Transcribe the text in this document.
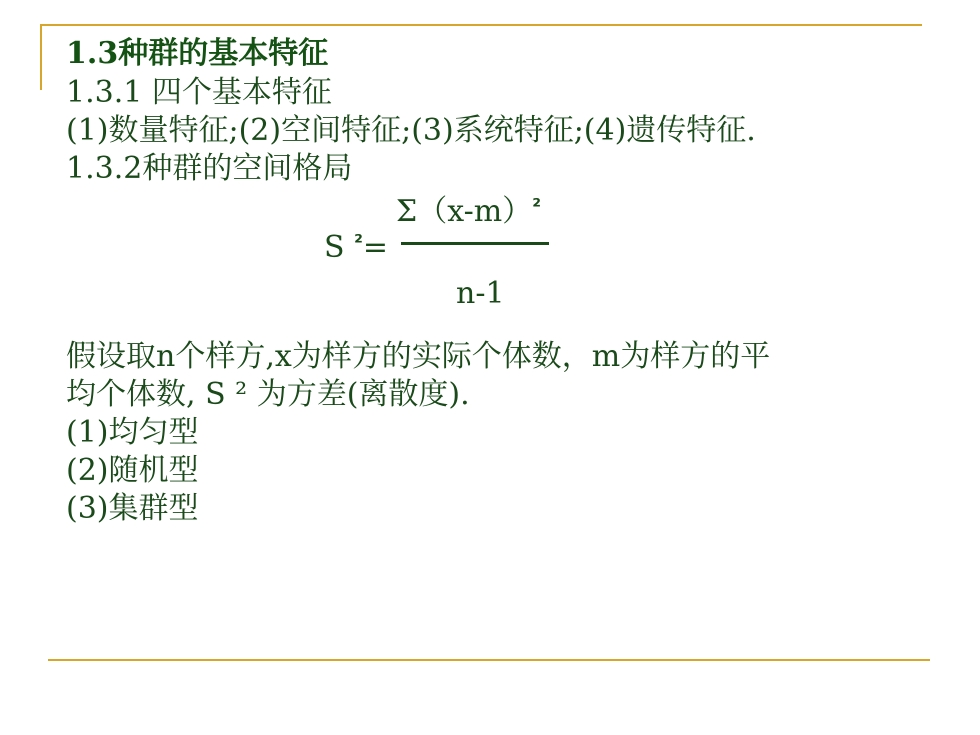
1.3种群的基本特征
1.3.1 四个基本特征
(1)数量特征;(2)空间特征;(3)系统特征;(4)遗传特征.
1.3.2种群的空间格局
$\Sigma(x-m)^{^2}$
S $^{^2}$=
n-1
假设取n个样方,x为样方的实际个体数，m为样方的平
均个体数, S ² 为方差(离散度).
(1)均匀型
(2)随机型
(3)集群型
